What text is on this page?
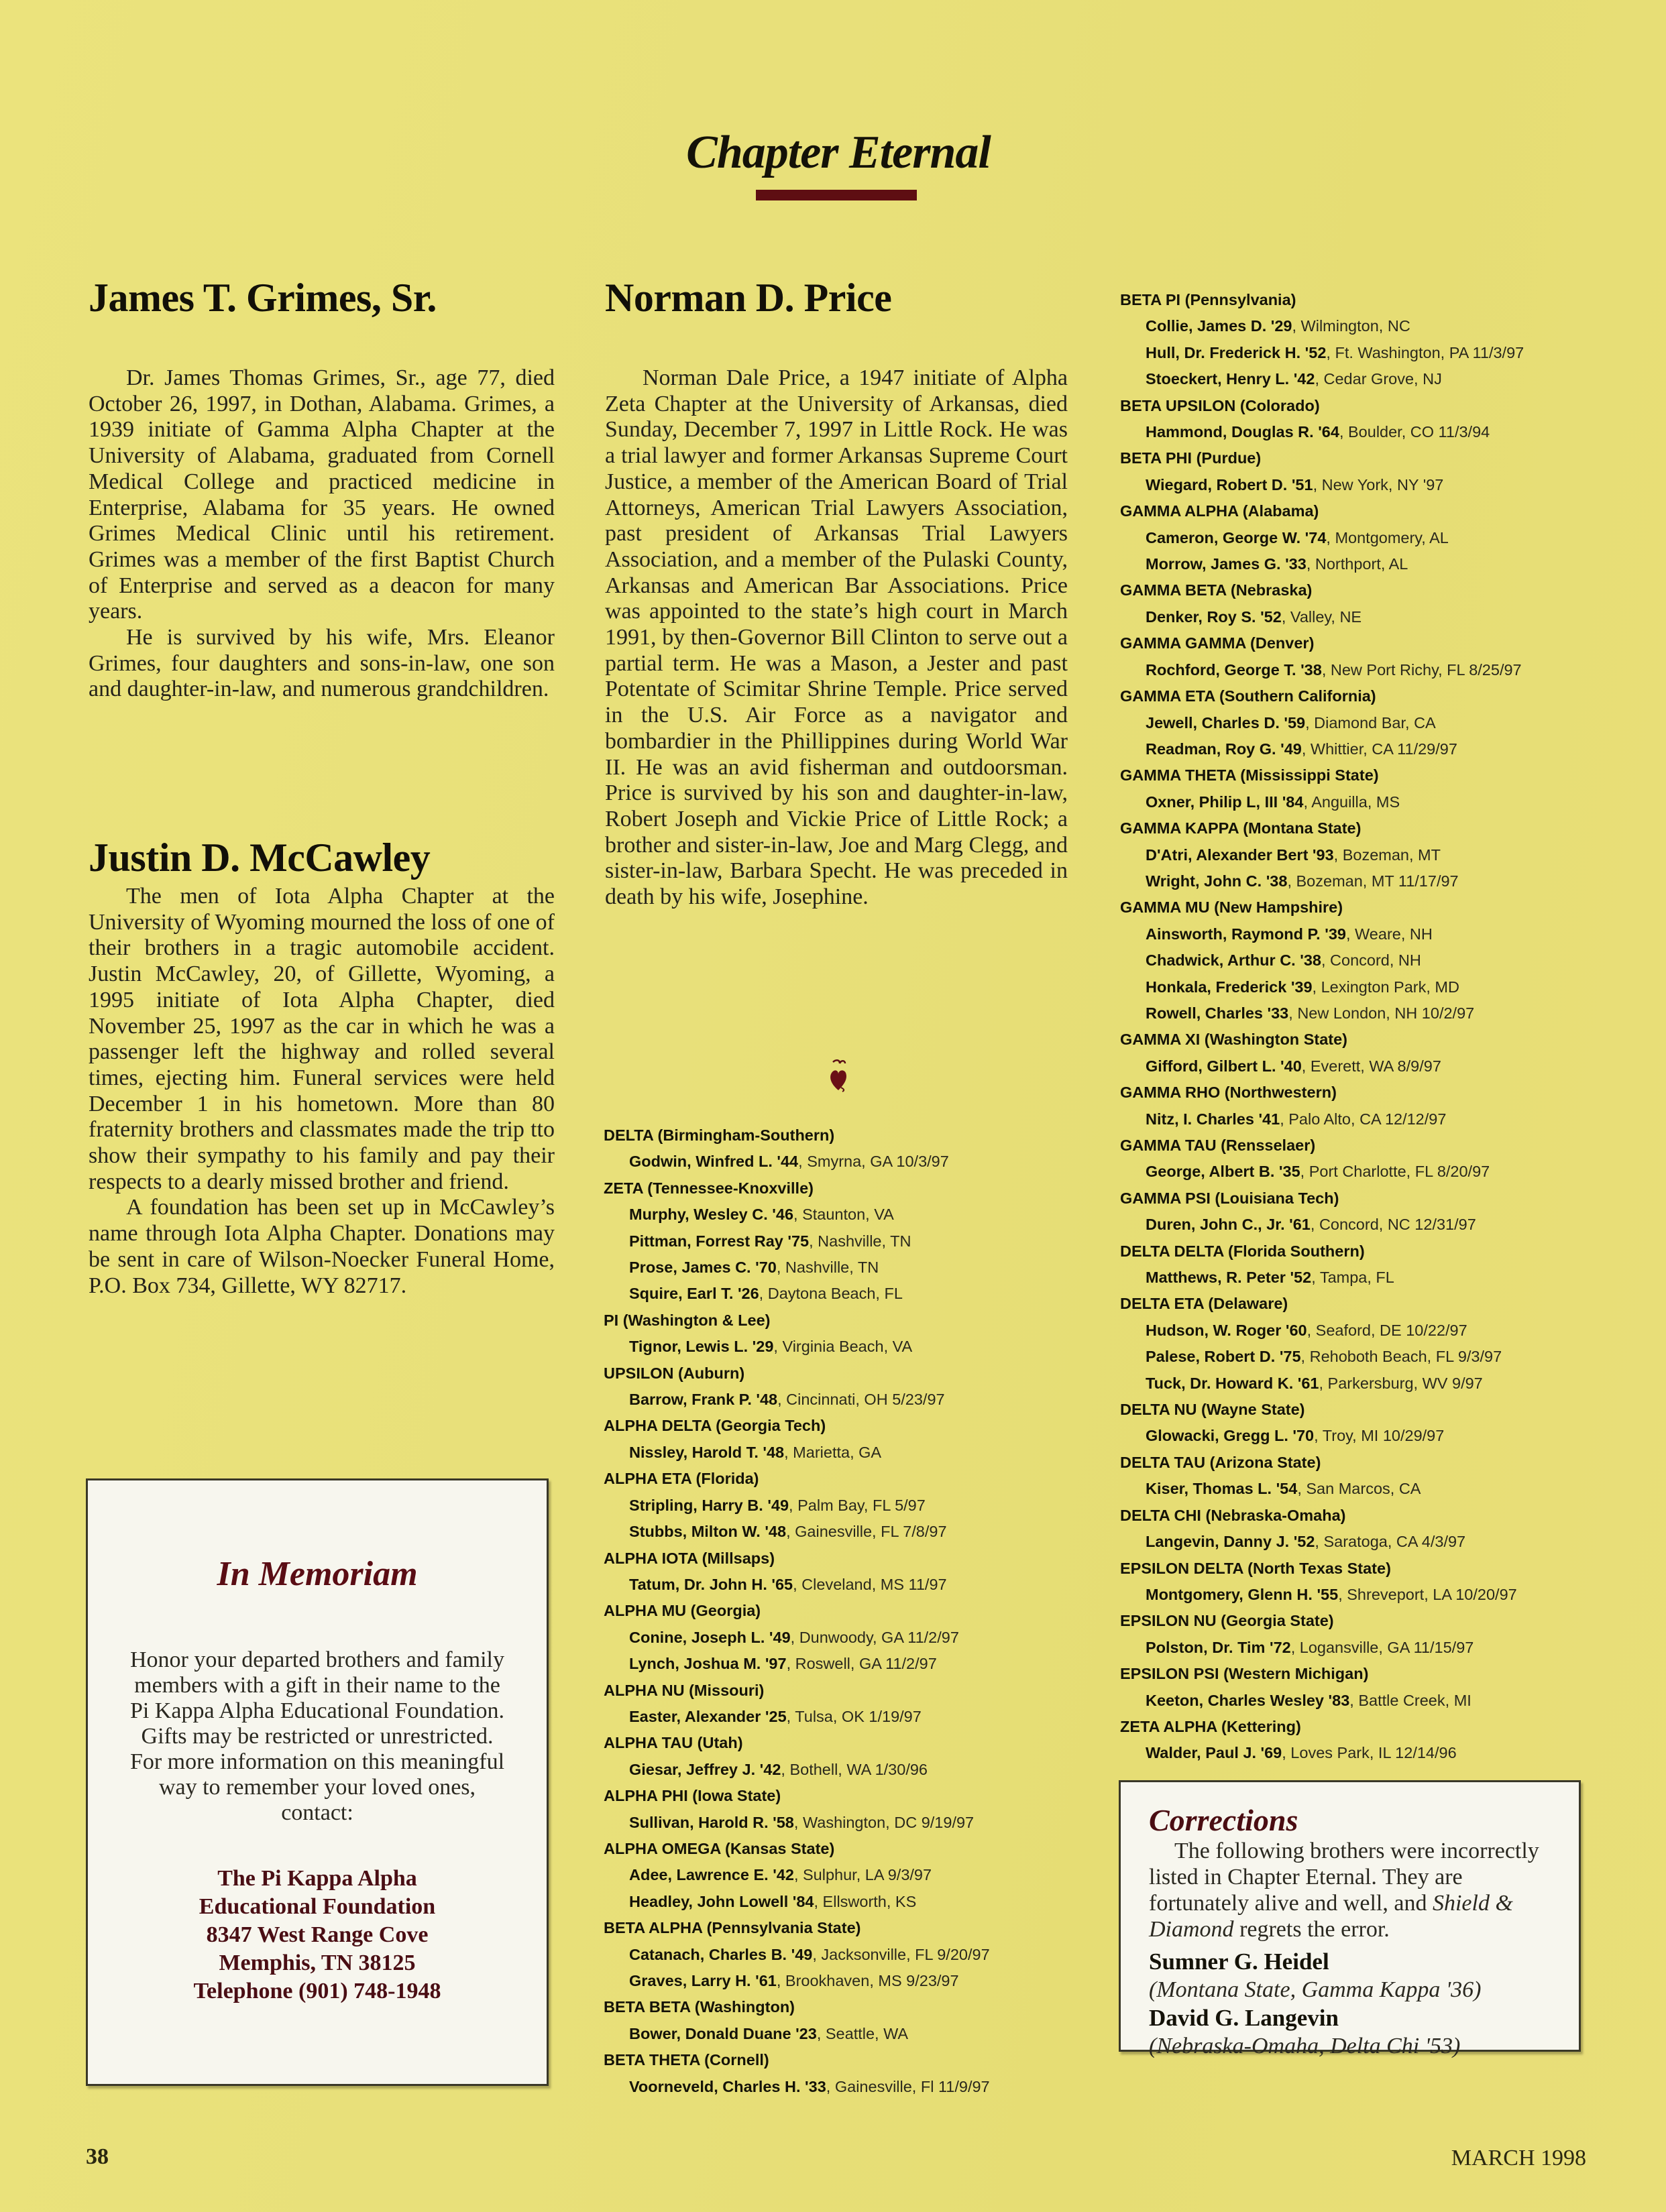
Chapter Eternal
James T. Grimes, Sr.

Dr. James Thomas Grimes, Sr., age 77, died October 26, 1997, in Dothan, Alabama. Grimes, a 1939 initiate of Gamma Alpha Chapter at the University of Alabama, graduated from Cornell Medical College and practiced medicine in Enterprise, Alabama for 35 years. He owned Grimes Medical Clinic until his retirement. Grimes was a member of the first Baptist Church of Enterprise and served as a deacon for many years.

He is survived by his wife, Mrs. Eleanor Grimes, four daughters and sons-in-law, one son and daughter-in-law, and numerous grandchildren.

Justin D. McCawley

The men of Iota Alpha Chapter at the University of Wyoming mourned the loss of one of their brothers in a tragic automobile accident. Justin McCawley, 20, of Gillette, Wyoming, a 1995 initiate of Iota Alpha Chapter, died November 25, 1997 as the car in which he was a passenger left the highway and rolled several times, ejecting him. Funeral services were held December 1 in his hometown. More than 80 fraternity brothers and classmates made the trip tto show their sympathy to his family and pay their respects to a dearly missed brother and friend.

A foundation has been set up in McCawley’s name through Iota Alpha Chapter. Donations may be sent in care of Wilson-Noecker Funeral Home, P.O. Box 734, Gillette, WY 82717.

In Memoriam

Honor your departed brothers and family members with a gift in their name to the Pi Kappa Alpha Educational Foundation. Gifts may be restricted or unrestricted. For more information on this meaningful way to remember your loved ones, contact:

The Pi Kappa Alpha

Educational Foundation

8347 West Range Cove

Memphis, TN 38125

Telephone (901) 748-1948

Norman D. Price

Norman Dale Price, a 1947 initiate of Alpha Zeta Chapter at the University of Arkansas, died Sunday, December 7, 1997 in Little Rock. He was a trial lawyer and former Arkansas Supreme Court Justice, a member of the American Board of Trial Attorneys, American Trial Lawyers Association, past president of Arkansas Trial Lawyers Association, and a member of the Pulaski County, Arkansas and American Bar Associations. Price was appointed to the state’s high court in March 1991, by then-Governor Bill Clinton to serve out a partial term. He was a Mason, a Jester and past Potentate of Scimitar Shrine Temple. Price served in the U.S. Air Force as a navigator and bombardier in the Phillippines during World War II. He was an avid fisherman and outdoorsman. Price is survived by his son and daughter-in-law, Robert Joseph and Vickie Price of Little Rock; a brother and sister-in-law, Joe and Marg Clegg, and sister-in-law, Barbara Specht. He was preceded in death by his wife, Josephine.

DELTA (Birmingham-Southern)
Godwin, Winfred L. '44, Smyrna, GA 10/3/97
ZETA (Tennessee-Knoxville)
Murphy, Wesley C. '46, Staunton, VA
Pittman, Forrest Ray '75, Nashville, TN
Prose, James C. '70, Nashville, TN
Squire, Earl T. '26, Daytona Beach, FL
PI (Washington & Lee)
Tignor, Lewis L. '29, Virginia Beach, VA
UPSILON (Auburn)
Barrow, Frank P. '48, Cincinnati, OH 5/23/97
ALPHA DELTA (Georgia Tech)
Nissley, Harold T. '48, Marietta, GA
ALPHA ETA (Florida)
Stripling, Harry B. '49, Palm Bay, FL 5/97
Stubbs, Milton W. '48, Gainesville, FL 7/8/97
ALPHA IOTA (Millsaps)
Tatum, Dr. John H. '65, Cleveland, MS 11/97
ALPHA MU (Georgia)
Conine, Joseph L. '49, Dunwoody, GA 11/2/97
Lynch, Joshua M. '97, Roswell, GA 11/2/97
ALPHA NU (Missouri)
Easter, Alexander '25, Tulsa, OK 1/19/97
ALPHA TAU (Utah)
Giesar, Jeffrey J. '42, Bothell, WA 1/30/96
ALPHA PHI (Iowa State)
Sullivan, Harold R. '58, Washington, DC 9/19/97
ALPHA OMEGA (Kansas State)
Adee, Lawrence E. '42, Sulphur, LA 9/3/97
Headley, John Lowell '84, Ellsworth, KS
BETA ALPHA (Pennsylvania State)
Catanach, Charles B. '49, Jacksonville, FL 9/20/97
Graves, Larry H. '61, Brookhaven, MS 9/23/97
BETA BETA (Washington)
Bower, Donald Duane '23, Seattle, WA
BETA THETA (Cornell)
Voorneveld, Charles H. '33, Gainesville, Fl 11/9/97
BETA PI (Pennsylvania)
Collie, James D. '29, Wilmington, NC
Hull, Dr. Frederick H. '52, Ft. Washington, PA 11/3/97
Stoeckert, Henry L. '42, Cedar Grove, NJ
BETA UPSILON (Colorado)
Hammond, Douglas R. '64, Boulder, CO 11/3/94
BETA PHI (Purdue)
Wiegard, Robert D. '51, New York, NY '97
GAMMA ALPHA (Alabama)
Cameron, George W. '74, Montgomery, AL
Morrow, James G. '33, Northport, AL
GAMMA BETA (Nebraska)
Denker, Roy S. '52, Valley, NE
GAMMA GAMMA (Denver)
Rochford, George T. '38, New Port Richy, FL 8/25/97
GAMMA ETA (Southern California)
Jewell, Charles D. '59, Diamond Bar, CA
Readman, Roy G. '49, Whittier, CA 11/29/97
GAMMA THETA (Mississippi State)
Oxner, Philip L, III '84, Anguilla, MS
GAMMA KAPPA (Montana State)
D'Atri, Alexander Bert '93, Bozeman, MT
Wright, John C. '38, Bozeman, MT 11/17/97
GAMMA MU (New Hampshire)
Ainsworth, Raymond P. '39, Weare, NH
Chadwick, Arthur C. '38, Concord, NH
Honkala, Frederick '39, Lexington Park, MD
Rowell, Charles '33, New London, NH 10/2/97
GAMMA XI (Washington State)
Gifford, Gilbert L. '40, Everett, WA 8/9/97
GAMMA RHO (Northwestern)
Nitz, I. Charles '41, Palo Alto, CA 12/12/97
GAMMA TAU (Rensselaer)
George, Albert B. '35, Port Charlotte, FL 8/20/97
GAMMA PSI (Louisiana Tech)
Duren, John C., Jr. '61, Concord, NC 12/31/97
DELTA DELTA (Florida Southern)
Matthews, R. Peter '52, Tampa, FL
DELTA ETA (Delaware)
Hudson, W. Roger '60, Seaford, DE 10/22/97
Palese, Robert D. '75, Rehoboth Beach, FL 9/3/97
Tuck, Dr. Howard K. '61, Parkersburg, WV 9/97
DELTA NU (Wayne State)
Glowacki, Gregg L. '70, Troy, MI 10/29/97
DELTA TAU (Arizona State)
Kiser, Thomas L. '54, San Marcos, CA
DELTA CHI (Nebraska-Omaha)
Langevin, Danny J. '52, Saratoga, CA 4/3/97
EPSILON DELTA (North Texas State)
Montgomery, Glenn H. '55, Shreveport, LA 10/20/97
EPSILON NU (Georgia State)
Polston, Dr. Tim '72, Logansville, GA 11/15/97
EPSILON PSI (Western Michigan)
Keeton, Charles Wesley '83, Battle Creek, MI
ZETA ALPHA (Kettering)
Walder, Paul J. '69, Loves Park, IL 12/14/96
Corrections

The following brothers were incorrectly listed in Chapter Eternal. They are fortunately alive and well, and Shield & Diamond regrets the error.

Sumner G. Heidel

(Montana State, Gamma Kappa '36)

David G. Langevin

(Nebraska-Omaha, Delta Chi '53)

38	MARCH 1998
